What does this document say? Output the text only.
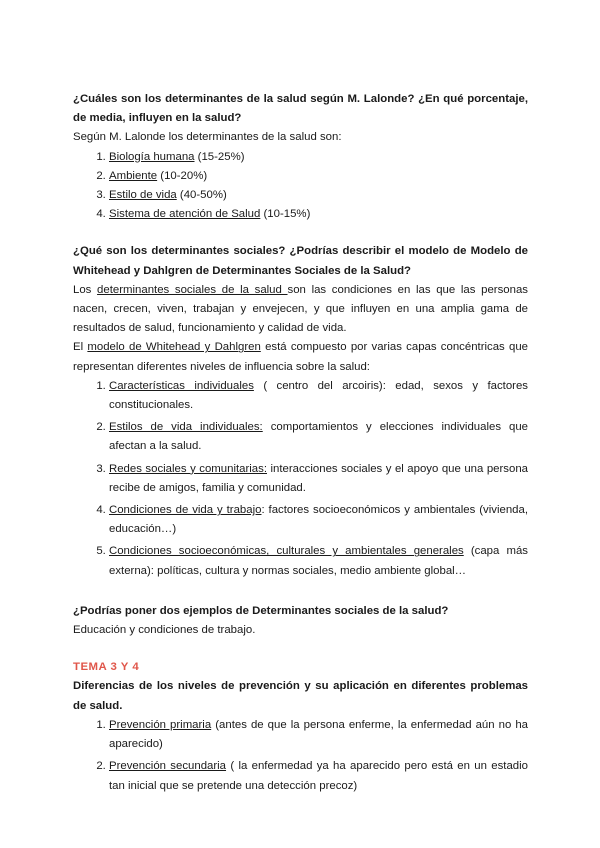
¿Cuáles son los determinantes de la salud según M. Lalonde? ¿En qué porcentaje, de media, influyen en la salud?

Según M. Lalonde los determinantes de la salud son:

1. Biología humana (15-25%)
2. Ambiente (10-20%)
3. Estilo de vida (40-50%)
4. Sistema de atención de Salud (10-15%)

¿Qué son los determinantes sociales? ¿Podrías describir el modelo de Modelo de Whitehead y Dahlgren de Determinantes Sociales de la Salud?

Los determinantes sociales de la salud son las condiciones en las que las personas nacen, crecen, viven, trabajan y envejecen, y que influyen en una amplia gama de resultados de salud, funcionamiento y calidad de vida.

El modelo de Whitehead y Dahlgren está compuesto por varias capas concéntricas que representan diferentes niveles de influencia sobre la salud:

1. Características individuales ( centro del arcoiris): edad, sexos y factores constitucionales.
2. Estilos de vida individuales: comportamientos y elecciones individuales que afectan a la salud.
3. Redes sociales y comunitarias: interacciones sociales y el apoyo que una persona recibe de amigos, familia y comunidad.
4. Condiciones de vida y trabajo: factores socioeconómicos y ambientales (vivienda, educación…)
5. Condiciones socioeconómicas, culturales y ambientales generales (capa más externa): políticas, cultura y normas sociales, medio ambiente global…

¿Podrías poner dos ejemplos de Determinantes sociales de la salud?

Educación y condiciones de trabajo.

TEMA 3 Y 4

Diferencias de los niveles de prevención y su aplicación en diferentes problemas de salud.

1. Prevención primaria (antes de que la persona enferme, la enfermedad aún no ha aparecido)
2. Prevención secundaria ( la enfermedad ya ha aparecido pero está en un estadio tan inicial que se pretende una detección precoz)
